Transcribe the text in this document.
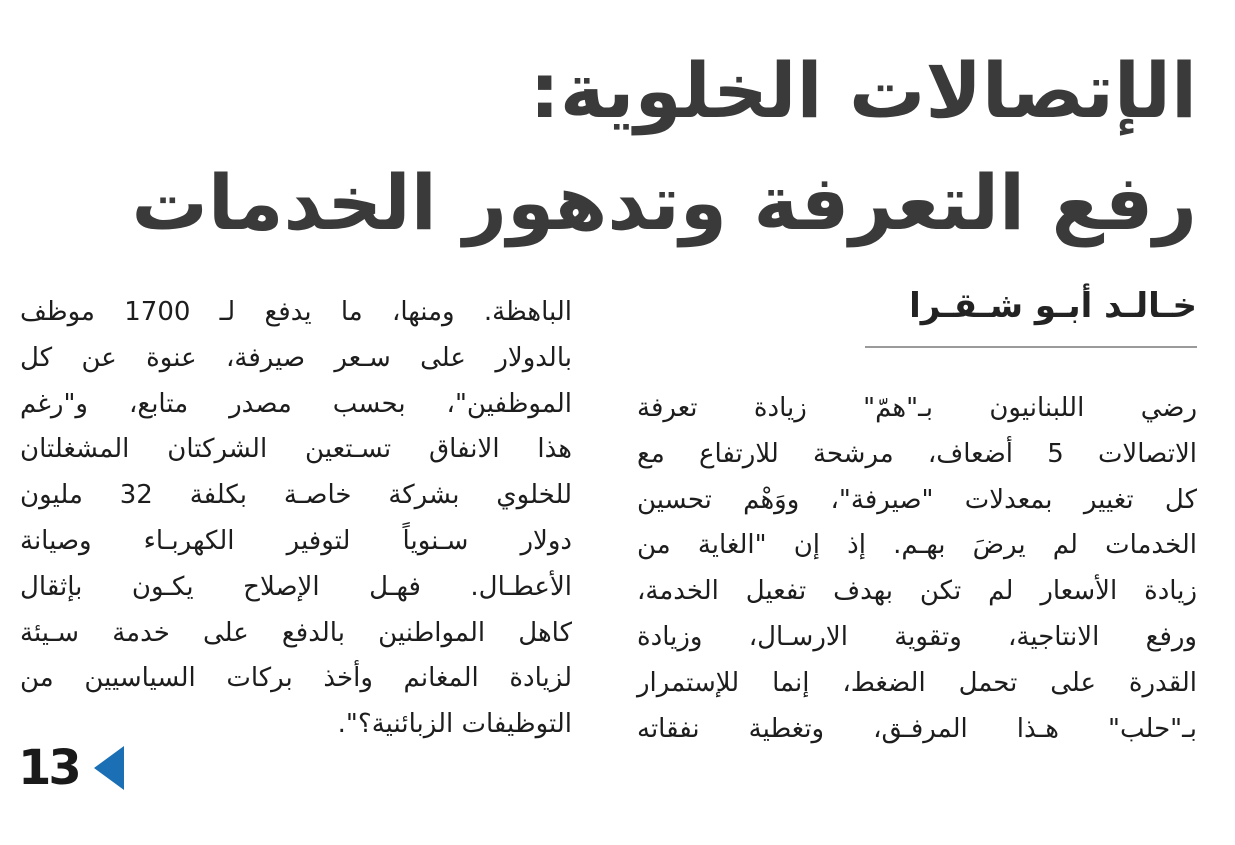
الإتصالات الخلوية:
رفع التعرفة وتدهور الخدمات
خـالـد أبـو شـقـرا
رضي اللبنانيون بـ"همّ" زيادة تعرفة
الاتصالات 5 أضعاف، مرشحة للارتفاع مع
كل تغيير بمعدلات "صيرفة"، ووَهْم تحسين
الخدمات لم يرضَ بهـم. إذ إن "الغاية من
زيادة الأسعار لم تكن بهدف تفعيل الخدمة،
ورفع الانتاجية، وتقوية الارسـال، وزيادة
القدرة على تحمل الضغط، إنما للإستمرار
بـ"حلب" هـذا المرفـق، وتغطية نفقاته
الباهظة. ومنها، ما يدفع لـ 1700 موظف
بالدولار على سـعر صيرفة، عنوة عن كل
الموظفين"، بحسب مصدر متابع، و"رغم
هذا الانفاق تسـتعين الشركتان المشغلتان
للخلوي بشركة خاصـة بكلفة 32 مليون
دولار سـنوياً لتوفير الكهربـاء وصيانة
الأعطـال. فهـل الإصلاح يكـون بإثقال
كاهل المواطنين بالدفع على خدمة سـيئة
لزيادة المغانم وأخذ بركات السياسيين من
التوظيفات الزبائنية؟".
13
